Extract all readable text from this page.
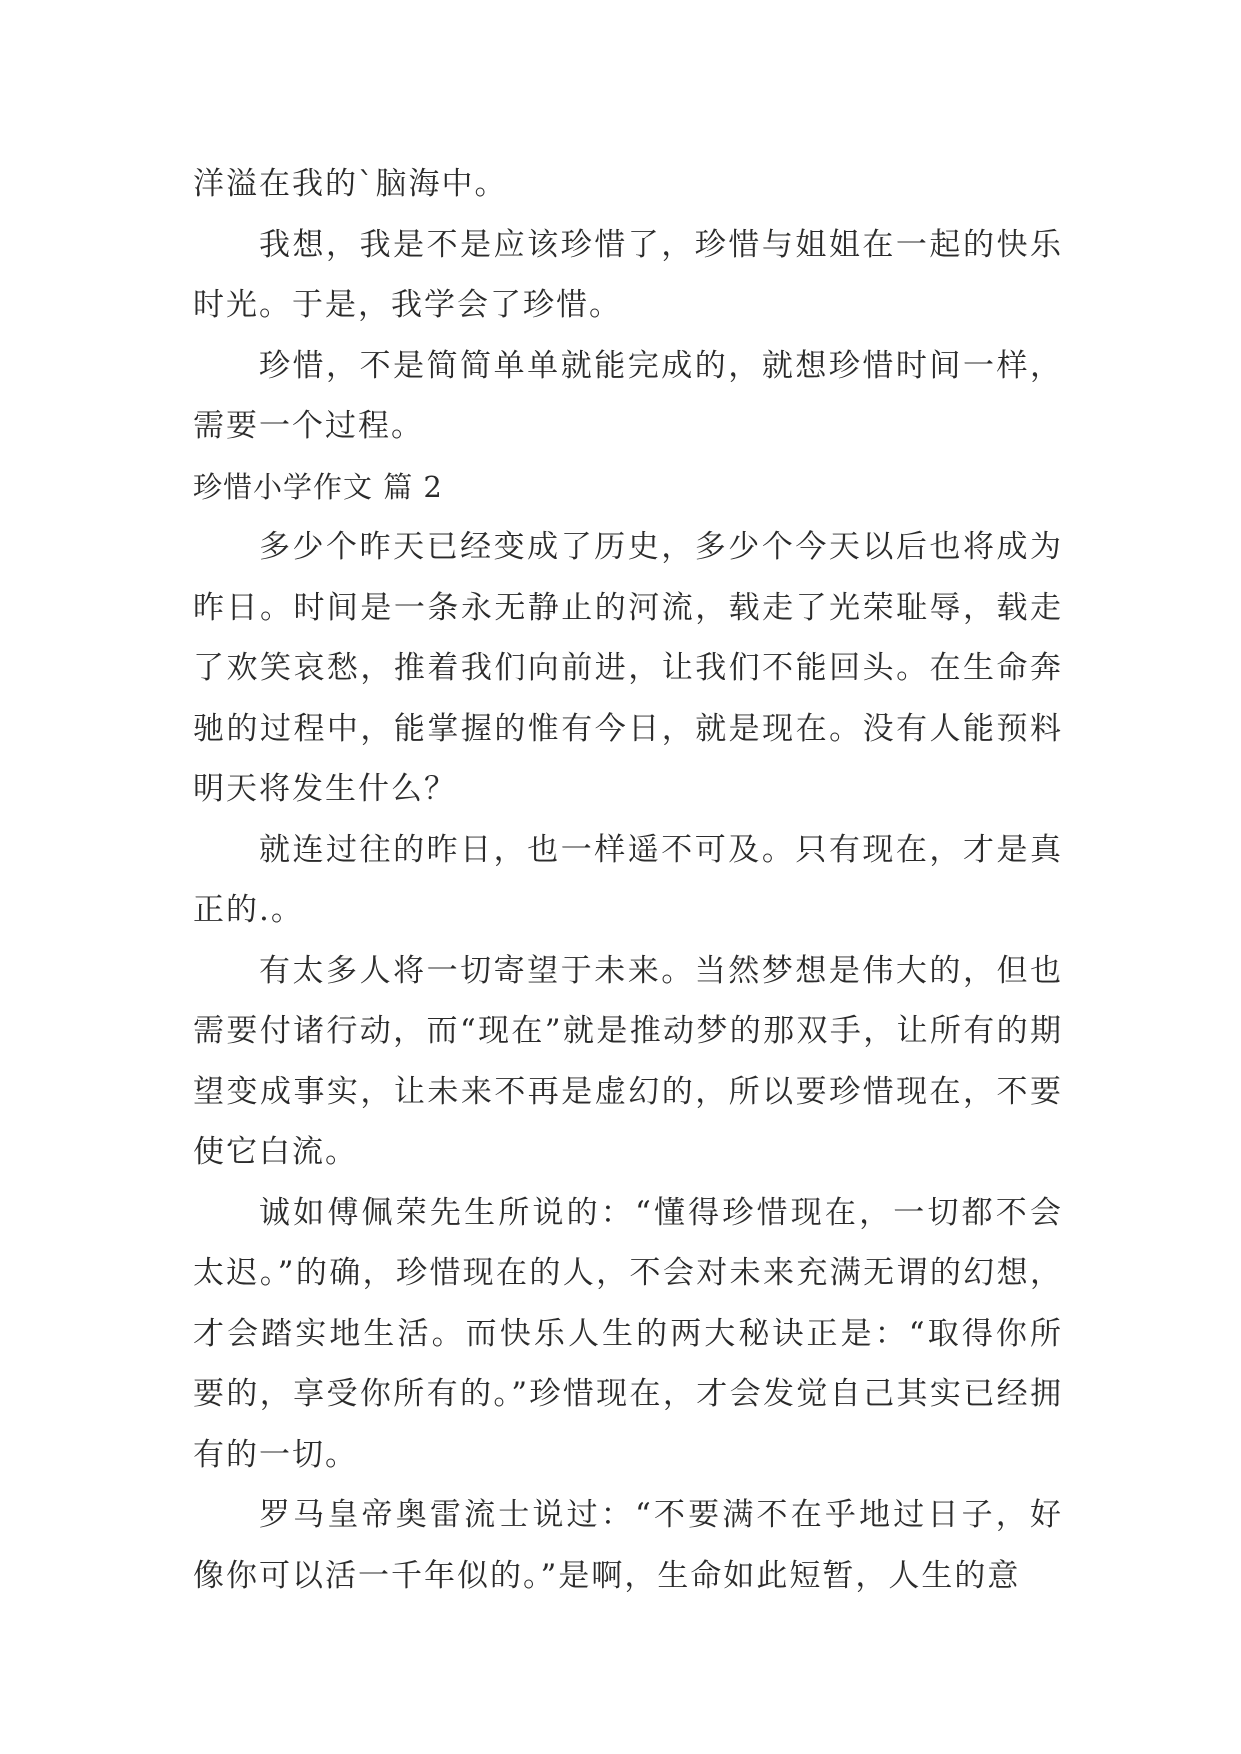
洋溢在我的`脑海中。

我想，我是不是应该珍惜了，珍惜与姐姐在一起的快乐时光。于是，我学会了珍惜。

珍惜，不是简简单单就能完成的，就想珍惜时间一样，需要一个过程。

珍惜小学作文 篇 2

多少个昨天已经变成了历史，多少个今天以后也将成为昨日。时间是一条永无静止的河流，载走了光荣耻辱，载走了欢笑哀愁，推着我们向前进，让我们不能回头。在生命奔驰的过程中，能掌握的惟有今日，就是现在。没有人能预料明天将发生什么？

就连过往的昨日，也一样遥不可及。只有现在，才是真正的.。

有太多人将一切寄望于未来。当然梦想是伟大的，但也需要付诸行动，而“现在”就是推动梦的那双手，让所有的期望变成事实，让未来不再是虚幻的，所以要珍惜现在，不要使它白流。

诚如傅佩荣先生所说的：“懂得珍惜现在，一切都不会太迟。”的确，珍惜现在的人，不会对未来充满无谓的幻想，才会踏实地生活。而快乐人生的两大秘诀正是：“取得你所要的，享受你所有的。”珍惜现在，才会发觉自己其实已经拥有的一切。

罗马皇帝奥雷流士说过：“不要满不在乎地过日子，好像你可以活一千年似的。”是啊，生命如此短暂，人生的意
